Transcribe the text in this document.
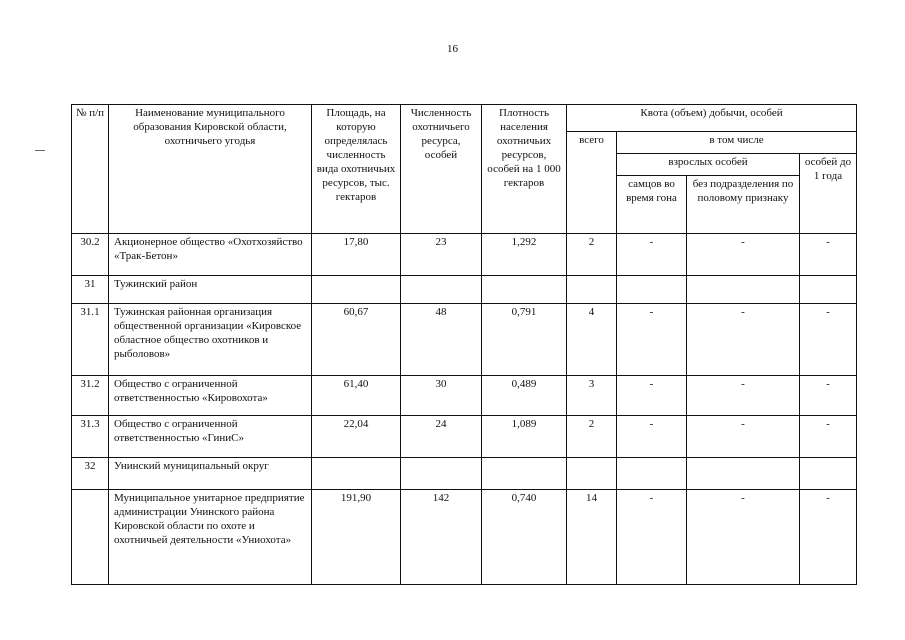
16
№ п/п	Наименование муниципального образования Кировской области, охотничьего угодья	Площадь, на которую определялась численность вида охотничьих ресурсов, тыс. гектаров	Численность охотничьего ресурса, особей	Плотность населения охотничьих ресурсов, особей на 1 000 гектаров	Квота (объем) добычи, особей			
					всего	в том числе		
						взрослых особей		особей до 1 года
						самцов во время гона	без подразделения по половому признаку	
30.2	Акционерное общество «Охотхозяйство «Трак-Бетон»	17,80	23	1,292	2	-	-	-
31	Тужинский район							
31.1	Тужинская районная организация общественной организации «Кировское областное общество охотников и рыболовов»	60,67	48	0,791	4	-	-	-
31.2	Общество с ограниченной ответственностью «Кировохота»	61,40	30	0,489	3	-	-	-
31.3	Общество с ограниченной ответственностью «ГиниС»	22,04	24	1,089	2	-	-	-
32	Унинский муниципальный округ							
	Муниципальное унитарное предприятие администрации Унинского района Кировской области по охоте и охотничьей деятельности «Униохота»	191,90	142	0,740	14	-	-	-
